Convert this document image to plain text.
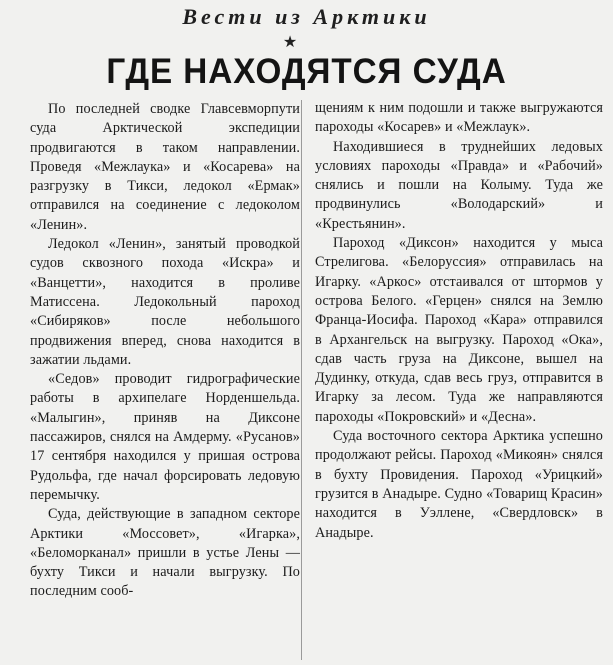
Вести из Арктики
★
ГДЕ НАХОДЯТСЯ СУДА

По последней сводке Главсевморпути суда Арктической экспедиции продвигаются в таком направлении. Проведя «Межлаука» и «Косарева» на разгрузку в Тикси, ледокол «Ермак» отправился на соединение с ледоколом «Ленин».

Ледокол «Ленин», занятый проводкой судов сквозного похода «Искра» и «Ванцетти», находится в проливе Матиссена. Ледокольный пароход «Сибиряков» после небольшого продвижения вперед, снова находится в зажатии льдами.

«Седов» проводит гидрографические работы в архипелаге Норденшельда. «Малыгин», приняв на Диксоне пассажиров, снялся на Амдерму. «Русанов» 17 сентября находился у пришая острова Рудольфа, где начал форсировать ледовую перемычку.

Суда, действующие в западном секторе Арктики «Моссовет», «Игарка», «Беломорканал» пришли в устье Лены — бухту Тикси и начали выгрузку. По последним сооб-

щениям к ним подошли и также выгружаются пароходы «Косарев» и «Межлаук».

Находившиеся в труднейших ледовых условиях пароходы «Правда» и «Рабочий» снялись и пошли на Колыму. Туда же продвинулись «Володарский» и «Крестьянин».

Пароход «Диксон» находится у мыса Стрелигова. «Белоруссия» отправилась на Игарку. «Аркос» отстаивался от штормов у острова Белого. «Герцен» снялся на Землю Франца-Иосифа. Пароход «Кара» отправился в Архангельск на выгрузку. Пароход «Ока», сдав часть груза на Диксоне, вышел на Дудинку, откуда, сдав весь груз, отправится в Игарку за лесом. Туда же направляются пароходы «Покровский» и «Десна».

Суда восточного сектора Арктика успешно продолжают рейсы. Пароход «Микоян» снялся в бухту Провидения. Пароход «Урицкий» грузится в Анадыре. Судно «Товарищ Красин» находится в Уэллене, «Свердловск» в Анадыре.
